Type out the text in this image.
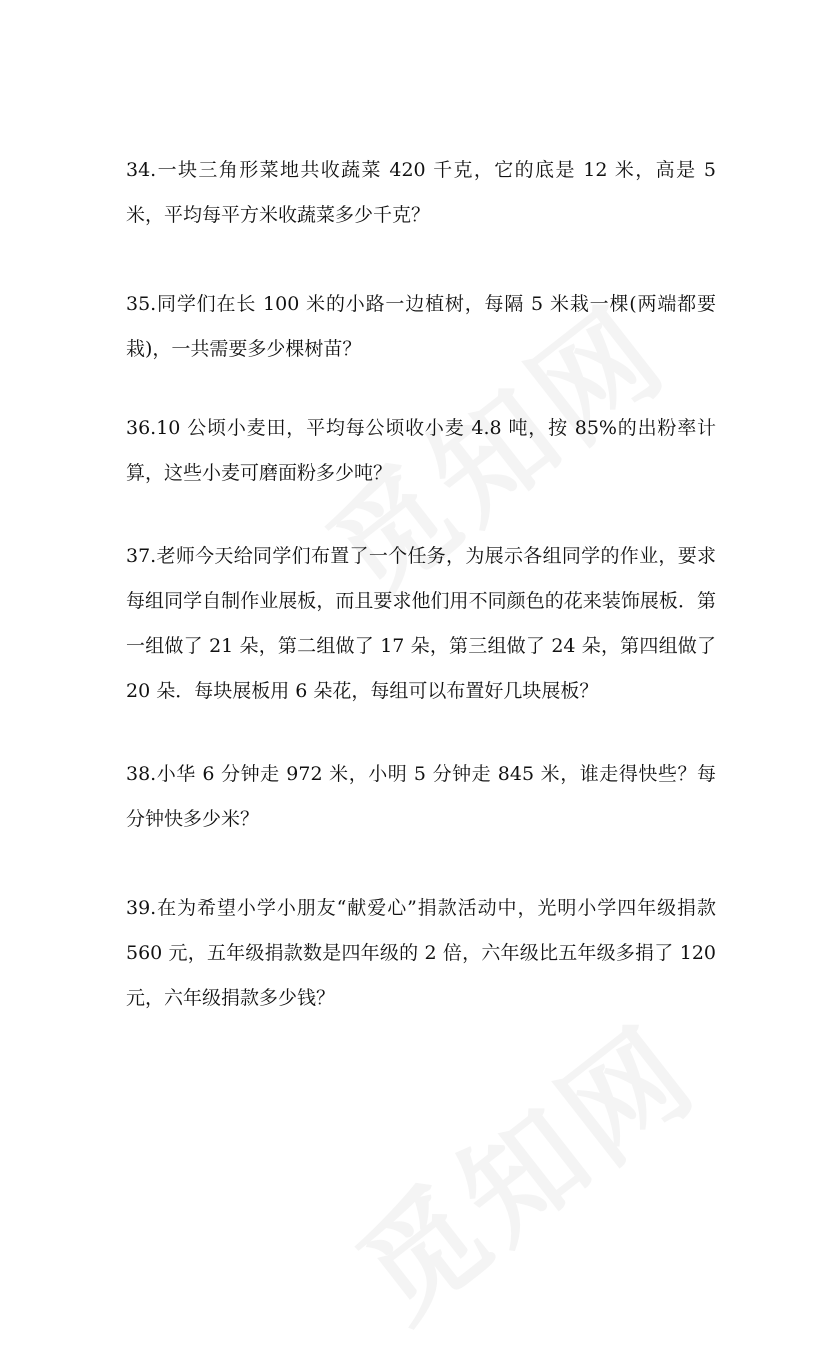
34.一块三角形菜地共收蔬菜 420 千克，它的底是 12 米，高是 5 米，平均每平方米收蔬菜多少千克？

35.同学们在长 100 米的小路一边植树，每隔 5 米栽一棵(两端都要栽)，一共需要多少棵树苗？

36.10 公顷小麦田，平均每公顷收小麦 4.8 吨，按 85%的出粉率计算，这些小麦可磨面粉多少吨？

37.老师今天给同学们布置了一个任务，为展示各组同学的作业，要求每组同学自制作业展板，而且要求他们用不同颜色的花来装饰展板．第一组做了 21 朵，第二组做了 17 朵，第三组做了 24 朵，第四组做了 20 朵．每块展板用 6 朵花，每组可以布置好几块展板？

38.小华 6 分钟走 972 米，小明 5 分钟走 845 米，谁走得快些？每分钟快多少米？

39.在为希望小学小朋友“献爱心”捐款活动中，光明小学四年级捐款 560 元，五年级捐款数是四年级的 2 倍，六年级比五年级多捐了 120 元，六年级捐款多少钱？
